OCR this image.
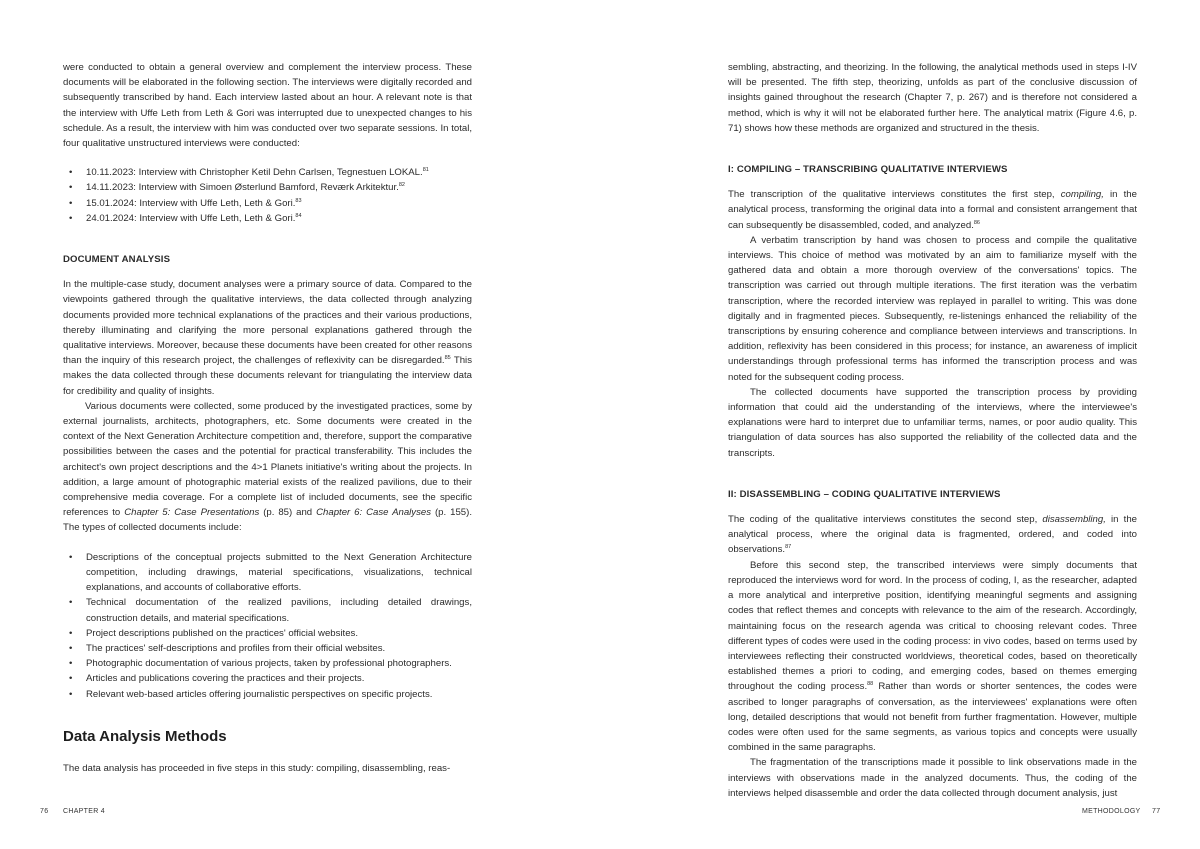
were conducted to obtain a general overview and complement the interview process. These documents will be elaborated in the following section. The interviews were digitally recorded and subsequently transcribed by hand. Each interview lasted about an hour. A relevant note is that the interview with Uffe Leth from Leth & Gori was interrupted due to unexpected changes to his schedule. As a result, the interview with him was conducted over two separate sessions. In total, four qualitative unstructured interviews were conducted:

• 10.11.2023: Interview with Christopher Ketil Dehn Carlsen, Tegnestuen LOKAL.$^{81}$
• 14.11.2023: Interview with Simoen Østerlund Bamford, Reværk Arkitektur.$^{82}$
• 15.01.2024: Interview with Uffe Leth, Leth & Gori.$^{83}$
• 24.01.2024: Interview with Uffe Leth, Leth & Gori.$^{84}$
DOCUMENT ANALYSIS

In the multiple-case study, document analyses were a primary source of data. Compared to the viewpoints gathered through the qualitative interviews, the data collected through analyzing documents provided more technical explanations of the practices and their various productions, thereby illuminating and clarifying the more personal explanations gathered through the qualitative interviews. Moreover, because these documents have been created for other reasons than the inquiry of this research project, the challenges of reflexivity can be disregarded.$^{85}$ This makes the data collected through these documents relevant for triangulating the interview data for credibility and quality of insights.

Various documents were collected, some produced by the investigated practices, some by external journalists, architects, photographers, etc. Some documents were created in the context of the Next Generation Architecture competition and, therefore, support the comparative possibilities between the cases and the potential for practical transferability. This includes the architect's own project descriptions and the 4>1 Planets initiative's writing about the projects. In addition, a large amount of photographic material exists of the realized pavilions, due to their comprehensive media coverage. For a complete list of included documents, see the specific references to Chapter 5: Case Presentations (p. 85) and Chapter 6: Case Analyses (p. 155). The types of collected documents include:

• Descriptions of the conceptual projects submitted to the Next Generation Architecture competition, including drawings, material specifications, visualizations, technical explanations, and accounts of collaborative efforts.
• Technical documentation of the realized pavilions, including detailed drawings, construction details, and material specifications.
• Project descriptions published on the practices' official websites.
• The practices' self-descriptions and profiles from their official websites.
• Photographic documentation of various projects, taken by professional photographers.
• Articles and publications covering the practices and their projects.
• Relevant web-based articles offering journalistic perspectives on specific projects.
Data Analysis Methods

The data analysis has proceeded in five steps in this study: compiling, disassembling, reas-

76 CHAPTER 4

sembling, abstracting, and theorizing. In the following, the analytical methods used in steps I-IV will be presented. The fifth step, theorizing, unfolds as part of the conclusive discussion of insights gained throughout the research (Chapter 7, p. 267) and is therefore not considered a method, which is why it will not be elaborated further here. The analytical matrix (Figure 4.6, p. 71) shows how these methods are organized and structured in the thesis.

I: COMPILING – TRANSCRIBING QUALITATIVE INTERVIEWS

The transcription of the qualitative interviews constitutes the first step, compiling, in the analytical process, transforming the original data into a formal and consistent arrangement that can subsequently be disassembled, coded, and analyzed.$^{86}$

A verbatim transcription by hand was chosen to process and compile the qualitative interviews. This choice of method was motivated by an aim to familiarize myself with the gathered data and obtain a more thorough overview of the conversations' topics. The transcription was carried out through multiple iterations. The first iteration was the verbatim transcription, where the recorded interview was replayed in parallel to writing. This was done digitally and in fragmented pieces. Subsequently, re-listenings enhanced the reliability of the transcriptions by ensuring coherence and compliance between interviews and transcriptions. In addition, reflexivity has been considered in this process; for instance, an awareness of implicit understandings through professional terms has informed the transcription process and was noted for the subsequent coding process.

The collected documents have supported the transcription process by providing information that could aid the understanding of the interviews, where the interviewee's explanations were hard to interpret due to unfamiliar terms, names, or poor audio quality. This triangulation of data sources has also supported the reliability of the collected data and the transcripts.

II: DISASSEMBLING – CODING QUALITATIVE INTERVIEWS

The coding of the qualitative interviews constitutes the second step, disassembling, in the analytical process, where the original data is fragmented, ordered, and coded into observations.$^{87}$

Before this second step, the transcribed interviews were simply documents that reproduced the interviews word for word. In the process of coding, I, as the researcher, adapted a more analytical and interpretive position, identifying meaningful segments and assigning codes that reflect themes and concepts with relevance to the aim of the research. Accordingly, maintaining focus on the research agenda was critical to choosing relevant codes. Three different types of codes were used in the coding process: in vivo codes, based on terms used by interviewees reflecting their constructed worldviews, theoretical codes, based on theoretically established themes a priori to coding, and emerging codes, based on themes emerging throughout the coding process.$^{88}$ Rather than words or shorter sentences, the codes were ascribed to longer paragraphs of conversation, as the interviewees' explanations were often long, detailed descriptions that would not benefit from further fragmentation. However, multiple codes were often used for the same segments, as various topics and concepts were usually combined in the same paragraphs.

The fragmentation of the transcriptions made it possible to link observations made in the interviews with observations made in the analyzed documents. Thus, the coding of the interviews helped disassemble and order the data collected through document analysis, just

METHODOLOGY 77
